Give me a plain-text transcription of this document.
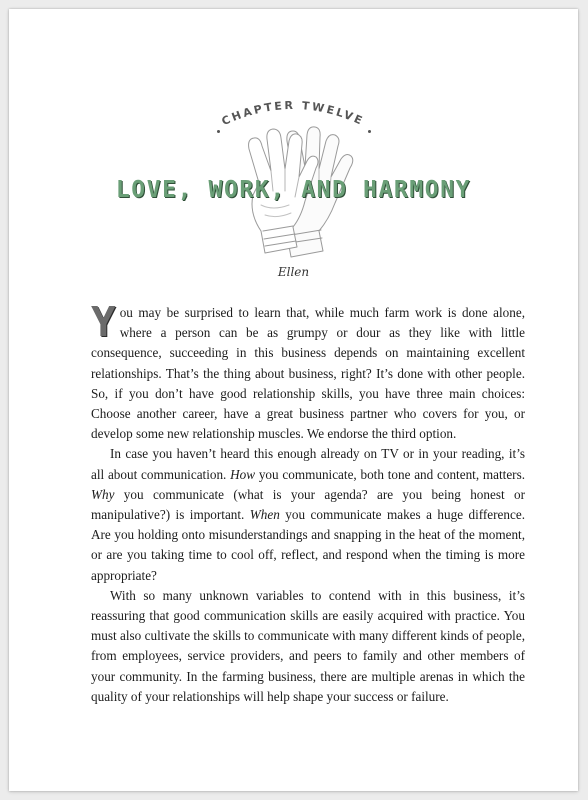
CHAPTER TWELVE
LOVE, WORK, AND HARMONY
Ellen

You may be surprised to learn that, while much farm work is done alone, where a person can be as grumpy or dour as they like with little consequence, succeeding in this business depends on maintaining excellent relationships. That’s the thing about business, right? It’s done with other people. So, if you don’t have good relationship skills, you have three main choices: Choose another career, have a great business partner who covers for you, or develop some new relationship muscles. We endorse the third option.

In case you haven’t heard this enough already on TV or in your reading, it’s all about communication. How you communicate, both tone and content, matters. Why you communicate (what is your agenda? are you being honest or manipulative?) is important. When you communicate makes a huge difference. Are you holding onto misunderstandings and snapping in the heat of the moment, or are you taking time to cool off, reflect, and respond when the timing is more appropriate?

With so many unknown variables to contend with in this business, it’s reassuring that good communication skills are easily acquired with practice. You must also cultivate the skills to communicate with many different kinds of people, from employees, service providers, and peers to family and other members of your community. In the farming business, there are multiple arenas in which the quality of your relationships will help shape your success or failure.
